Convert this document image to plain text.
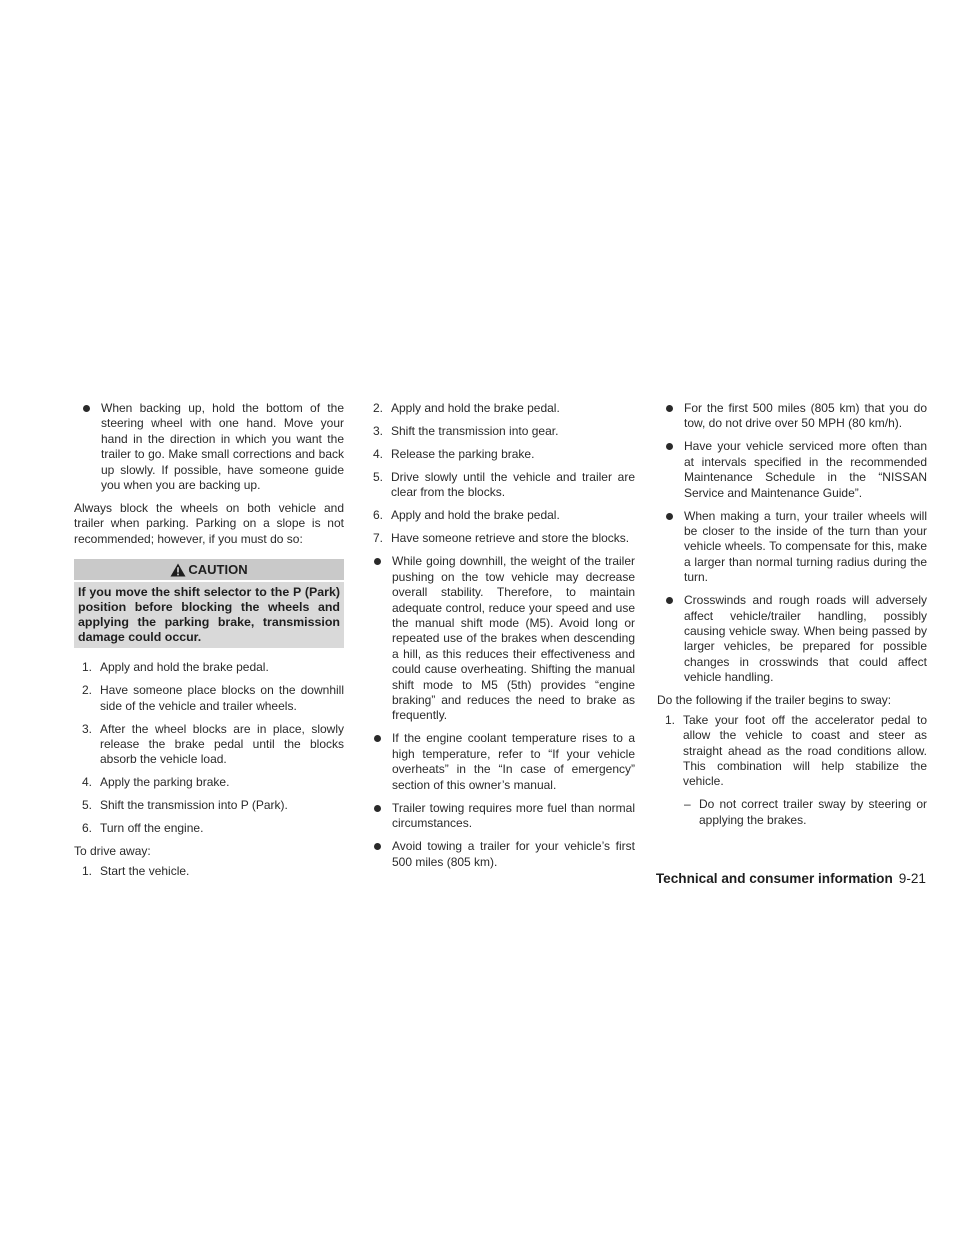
When backing up, hold the bottom of the steering wheel with one hand. Move your hand in the direction in which you want the trailer to go. Make small corrections and back up slowly. If possible, have someone guide you when you are backing up.
Always block the wheels on both vehicle and trailer when parking. Parking on a slope is not recommended; however, if you must do so:
CAUTION
If you move the shift selector to the P (Park) position before blocking the wheels and applying the parking brake, transmission damage could occur.
1. Apply and hold the brake pedal.
2. Have someone place blocks on the downhill side of the vehicle and trailer wheels.
3. After the wheel blocks are in place, slowly release the brake pedal until the blocks absorb the vehicle load.
4. Apply the parking brake.
5. Shift the transmission into P (Park).
6. Turn off the engine.
To drive away:
1. Start the vehicle.
2. Apply and hold the brake pedal.
3. Shift the transmission into gear.
4. Release the parking brake.
5. Drive slowly until the vehicle and trailer are clear from the blocks.
6. Apply and hold the brake pedal.
7. Have someone retrieve and store the blocks.
While going downhill, the weight of the trailer pushing on the tow vehicle may decrease overall stability. Therefore, to maintain adequate control, reduce your speed and use the manual shift mode (M5). Avoid long or repeated use of the brakes when descending a hill, as this reduces their effectiveness and could cause overheating. Shifting the manual shift mode to M5 (5th) provides “engine braking” and reduces the need to brake as frequently.
If the engine coolant temperature rises to a high temperature, refer to “If your vehicle overheats” in the “In case of emergency” section of this owner’s manual.
Trailer towing requires more fuel than normal circumstances.
Avoid towing a trailer for your vehicle’s first 500 miles (805 km).
For the first 500 miles (805 km) that you do tow, do not drive over 50 MPH (80 km/h).
Have your vehicle serviced more often than at intervals specified in the recommended Maintenance Schedule in the “NISSAN Service and Maintenance Guide”.
When making a turn, your trailer wheels will be closer to the inside of the turn than your vehicle wheels. To compensate for this, make a larger than normal turning radius during the turn.
Crosswinds and rough roads will adversely affect vehicle/trailer handling, possibly causing vehicle sway. When being passed by larger vehicles, be prepared for possible changes in crosswinds that could affect vehicle handling.
Do the following if the trailer begins to sway:
1. Take your foot off the accelerator pedal to allow the vehicle to coast and steer as straight ahead as the road conditions allow. This combination will help stabilize the vehicle.
– Do not correct trailer sway by steering or applying the brakes.
Technical and consumer information 9-21
